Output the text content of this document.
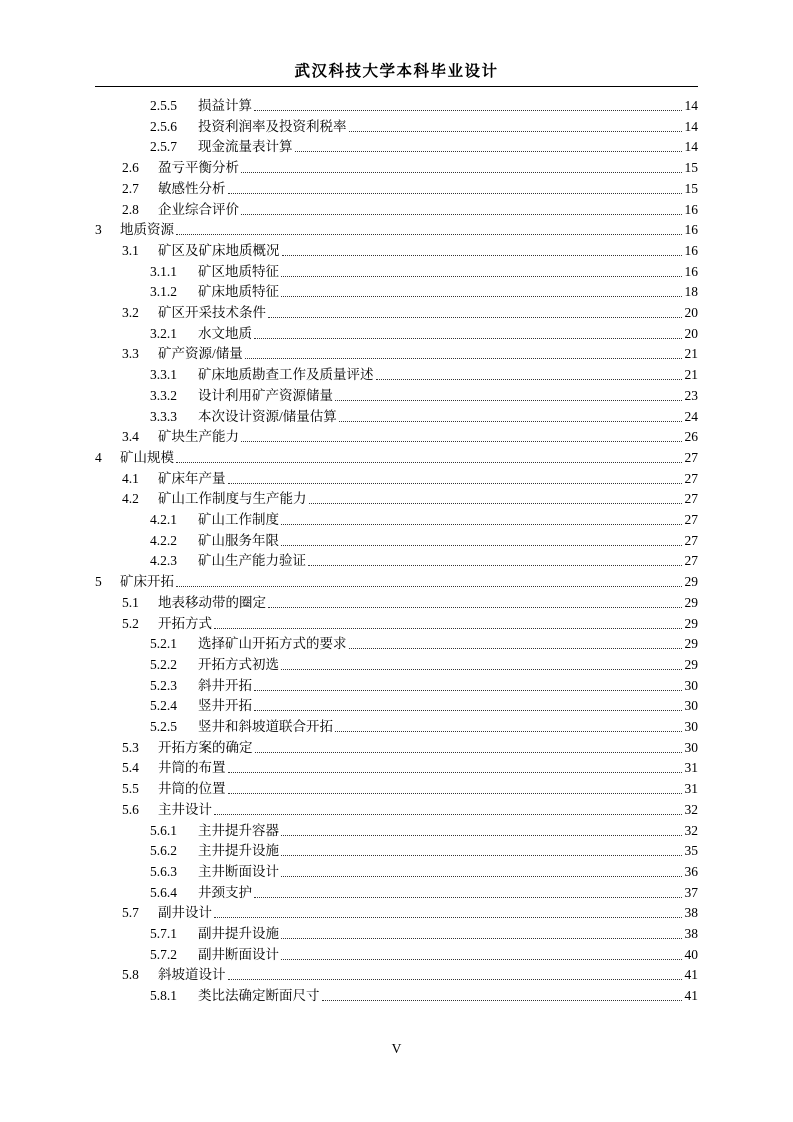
武汉科技大学本科毕业设计
2.5.5 损益计算	14
2.5.6 投资利润率及投资利税率	14
2.5.7 现金流量表计算	14
2.6 盈亏平衡分析	15
2.7 敏感性分析	15
2.8 企业综合评价	16
3 地质资源	16
3.1 矿区及矿床地质概况	16
3.1.1 矿区地质特征	16
3.1.2 矿床地质特征	18
3.2 矿区开采技术条件	20
3.2.1 水文地质	20
3.3 矿产资源/储量	21
3.3.1 矿床地质勘查工作及质量评述	21
3.3.2 设计利用矿产资源储量	23
3.3.3 本次设计资源/储量估算	24
3.4 矿块生产能力	26
4 矿山规模	27
4.1 矿床年产量	27
4.2 矿山工作制度与生产能力	27
4.2.1 矿山工作制度	27
4.2.2 矿山服务年限	27
4.2.3 矿山生产能力验证	27
5 矿床开拓	29
5.1 地表移动带的圈定	29
5.2 开拓方式	29
5.2.1 选择矿山开拓方式的要求	29
5.2.2 开拓方式初选	29
5.2.3 斜井开拓	30
5.2.4 竖井开拓	30
5.2.5 竖井和斜坡道联合开拓	30
5.3 开拓方案的确定	30
5.4 井筒的布置	31
5.5 井筒的位置	31
5.6 主井设计	32
5.6.1 主井提升容器	32
5.6.2 主井提升设施	35
5.6.3 主井断面设计	36
5.6.4 井颈支护	37
5.7 副井设计	38
5.7.1 副井提升设施	38
5.7.2 副井断面设计	40
5.8 斜坡道设计	41
5.8.1 类比法确定断面尺寸	41
V
